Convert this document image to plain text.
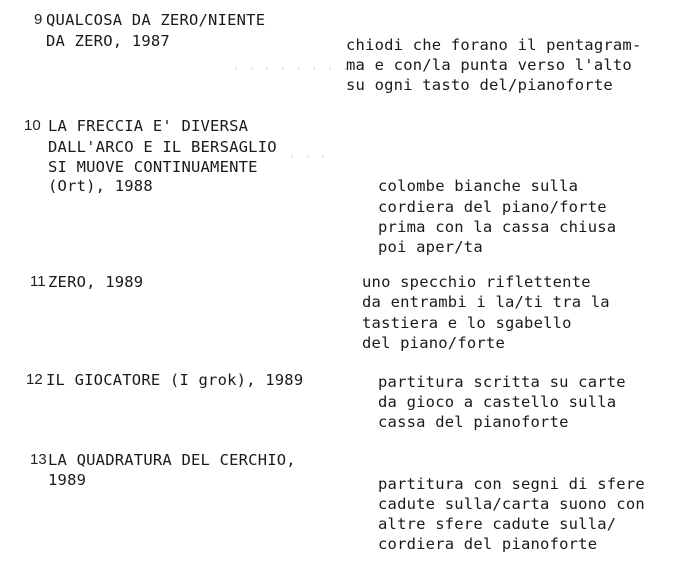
· · · · · · · · · ·
· · ·
9 QUALCOSA DA ZERO/NIENTE
DA ZERO, 1987	chiodi che forano il pentagram-
ma e con/la punta verso l'alto
su ogni tasto del/pianoforte
10 LA FRECCIA E' DIVERSA
DALL'ARCO E IL BERSAGLIO
SI MUOVE CONTINUAMENTE
(Ort), 1988	colombe bianche sulla
cordiera del piano/forte
prima con la cassa chiusa
poi aper/ta
11 ZERO, 1989	uno specchio riflettente
da entrambi i la/ti tra la
tastiera e lo sgabello
del piano/forte
12 IL GIOCATORE (I grok), 1989	partitura scritta su carte
da gioco a castello sulla
cassa del pianoforte
13 LA QUADRATURA DEL CERCHIO,
1989	partitura con segni di sfere
cadute sulla/carta suono con
altre sfere cadute sulla/
cordiera del pianoforte
